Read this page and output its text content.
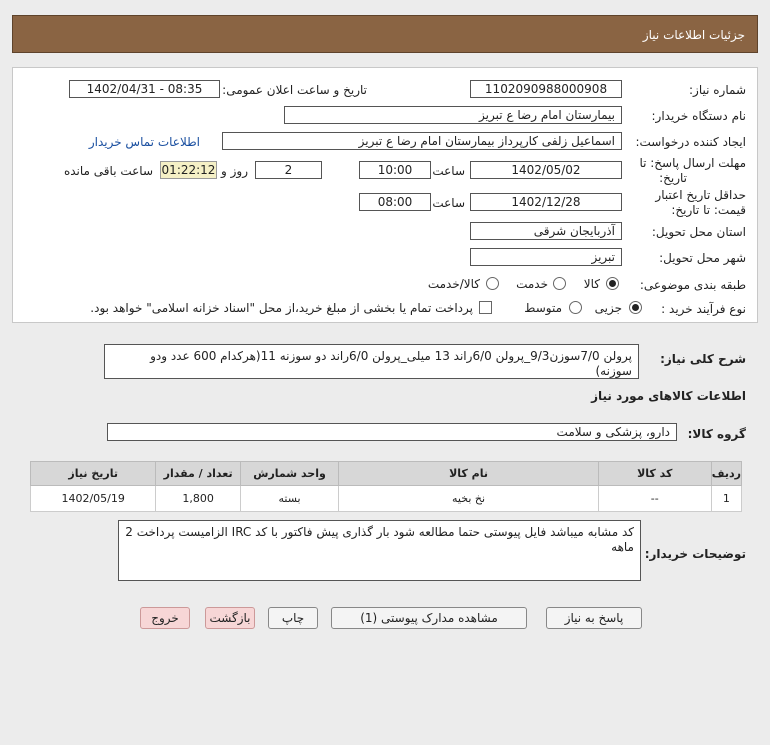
جزئیات اطلاعات نیاز
شماره نیاز:
1102090988000908
تاریخ و ساعت اعلان عمومی:
1402/04/31 - 08:35
نام دستگاه خریدار:
بیمارستان امام رضا ع تبریز
ایجاد کننده درخواست:
اسماعیل زلفی کارپرداز بیمارستان امام رضا ع تبریز
اطلاعات تماس خریدار
مهلت ارسال پاسخ: تا
تاریخ:
1402/05/02
ساعت
10:00
2
روز و
01:22:12
ساعت باقی مانده
حداقل تاریخ اعتبار
قیمت: تا تاریخ:
1402/12/28
ساعت
08:00
استان محل تحویل:
آذربایجان شرقی
شهر محل تحویل:
تبریز
طبقه بندی موضوعی:
کالا
خدمت
کالا/خدمت
نوع فرآیند خرید :
جزیی
متوسط
پرداخت تمام یا بخشی از مبلغ خرید،از محل "اسناد خزانه اسلامی" خواهد بود.
شرح کلی نیاز:
پرولن 7/0سوزن9/3_پرولن 6/0راند 13 میلی_پرولن 6/0راند دو سوزنه 11(هرکدام 600 عدد ودو سوزنه)
اطلاعات کالاهای مورد نیاز
گروه کالا:
دارو، پزشکی و سلامت
ردیف	کد کالا	نام کالا	واحد شمارش	تعداد / مقدار	تاریخ نیاز
1	--	نخ بخیه	بسته	1,800	1402/05/19
توضیحات خریدار:
کد مشابه میباشد فایل پیوستی حتما مطالعه شود بار گذاری پیش فاکتور با کد IRC الزامیست پرداخت 2 ماهه
پاسخ به نیاز
مشاهده مدارک پیوستی (1)
چاپ
بازگشت
خروج
